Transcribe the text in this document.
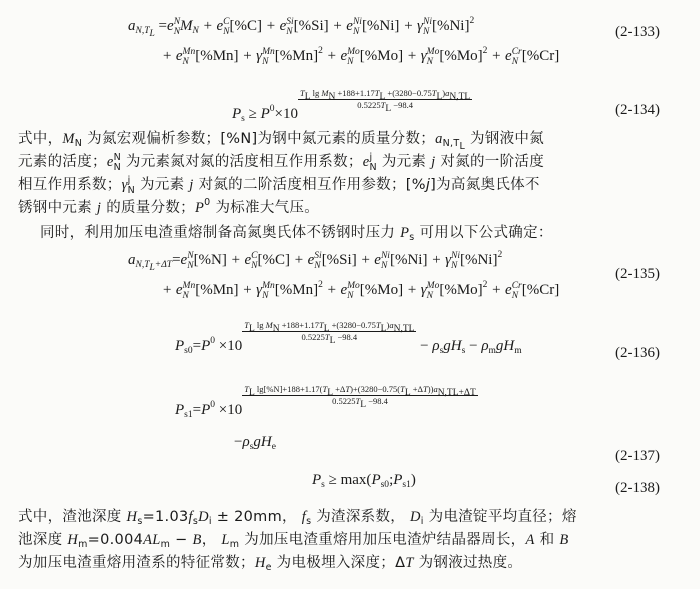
$a_{N,T_L} =e$ N
N $M_N + e$ C
N [%C] + e Si
N [%Si] + e Ni
N [%Ni] + γ Ni
N $[\%Ni]^2$
(2-133)
+ e Mn
N [%Mn] + γ Mn
N $[\%Mn]^2 + e$ Mo
N [%Mo] + γ Mo
N $[\%Mo]^2 + e$ Cr
N [%Cr]
$P_s \ge P^0\times 10$
$\frac{T_L \lg M_N +188+1.17T_L +(3280-0.75T_L)a_{N,TL}}{0.5225T_L -98.4}$	(2-134)
式中，$M_N$ 为氮宏观偏析参数；[%N]为钢中氮元素的质量分数；$a_{N,T_L}$ 为钢液中氮
元素的活度；e N
N 为元素氮对氮的活度相互作用系数；e j
N 为元素 j 对氮的一阶活度
相互作用系数；γ j
N 为元素 j 对氮的二阶活度相互作用参数；[%j]为高氮奥氏体不
锈钢中元素 j 的质量分数；$P^0$ 为标准大气压。
同时，利用加压电渣重熔制备高氮奥氏体不锈钢时压力 $P_s$ 可用以下公式确定：
$a_{N,T_L+\Delta T}=e$ N
N [%N] + e C
N [%C] + e Si
N [%Si] + e Ni
N [%Ni] + γ Ni
N $[\%Ni]^2$
+ e Mn
N [%Mn] + γ Mn
N $[\%Mn]^2 + e$ Mo
N [%Mo] + γ Mo
N $[\%Mo]^2 + e$ Cr
N [%Cr]
(2-135)
$P_{s0}=P^0 \times 10$
$\frac{T_L \lg M_N +188+1.17T_L +(3280-0.75T_L)a_{N,TL}}{0.5225T_L -98.4}$
− $\rho_sgH_s - \rho_mgH_m$	(2-136)
$P_{s1}=P^0 \times 10$
$\frac{T_L \lg[\%N]+188+1.17(T_L +\Delta T)+(3280-0.75(T_L +\Delta T))a_{N,TL+\Delta T}}{0.5225T_L -98.4}$
$-\rho_sgH_e$
(2-137)
$P_s$ ≥ $\max(P_{s0};P_{s1})$	(2-138)
式中，渣池深度 $H_s=1.03f_sD_i \pm 20mm$， $f_s$ 为渣深系数， $D_i$ 为电渣锭平均直径；熔
池深度 $H_m=0.004AL_m - B$， $L_m$ 为加压电渣重熔用加压电渣炉结晶器周长，A 和 B
为加压电渣重熔用渣系的特征常数；$H_e$ 为电极埋入深度；ΔT 为钢液过热度。
